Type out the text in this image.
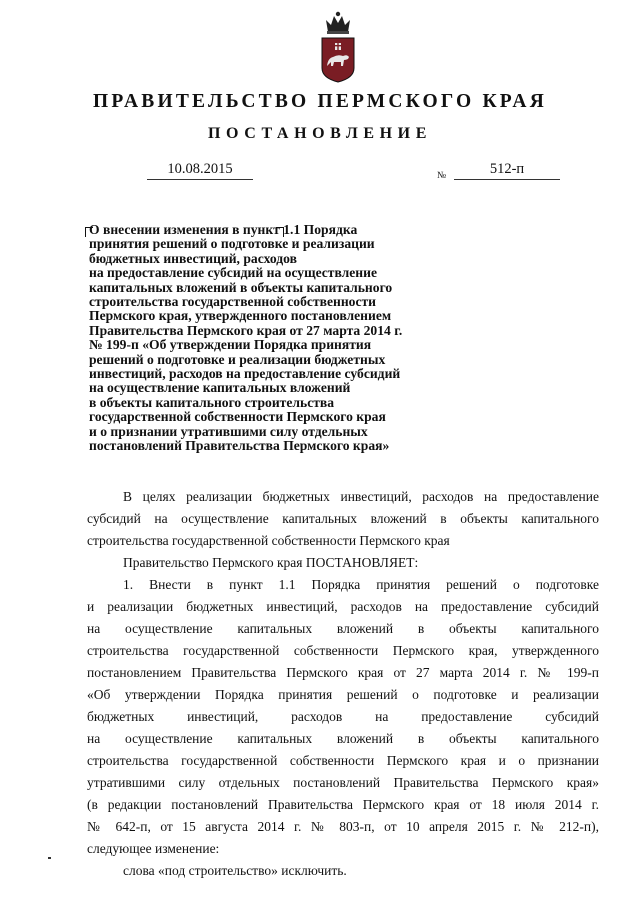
ПРАВИТЕЛЬСТВО ПЕРМСКОГО КРАЯ
ПОСТАНОВЛЕНИЕ
10.08.2015	№	512-п
О внесении изменения в пункт 1.1 Порядка
принятия решений о подготовке и реализации
бюджетных инвестиций, расходов
на предоставление субсидий на осуществление
капитальных вложений в объекты капитального
строительства государственной собственности
Пермского края, утвержденного постановлением
Правительства Пермского края от 27 марта 2014 г.
№ 199-п «Об утверждении Порядка принятия
решений о подготовке и реализации бюджетных
инвестиций, расходов на предоставление субсидий
на осуществление капитальных вложений
в объекты капитального строительства
государственной собственности Пермского края
и о признании утратившими силу отдельных
постановлений Правительства Пермского края»

В целях реализации бюджетных инвестиций, расходов на предоставление
субсидий на осуществление капитальных вложений в объекты капитального
строительства государственной собственности Пермского края

Правительство Пермского края ПОСТАНОВЛЯЕТ:

1. Внести в пункт 1.1 Порядка принятия решений о подготовке
и реализации бюджетных инвестиций, расходов на предоставление субсидий
на осуществление капитальных вложений в объекты капитального
строительства государственной собственности Пермского края, утвержденного
постановлением Правительства Пермского края от 27 марта 2014 г. № 199-п
«Об утверждении Порядка принятия решений о подготовке и реализации
бюджетных инвестиций, расходов на предоставление субсидий
на осуществление капитальных вложений в объекты капитального
строительства государственной собственности Пермского края и о признании
утратившими силу отдельных постановлений Правительства Пермского края»
(в редакции постановлений Правительства Пермского края от 18 июля 2014 г.
№ 642-п, от 15 августа 2014 г. № 803-п, от 10 апреля 2015 г. № 212-п),
следующее изменение:

слова «под строительство» исключить.
